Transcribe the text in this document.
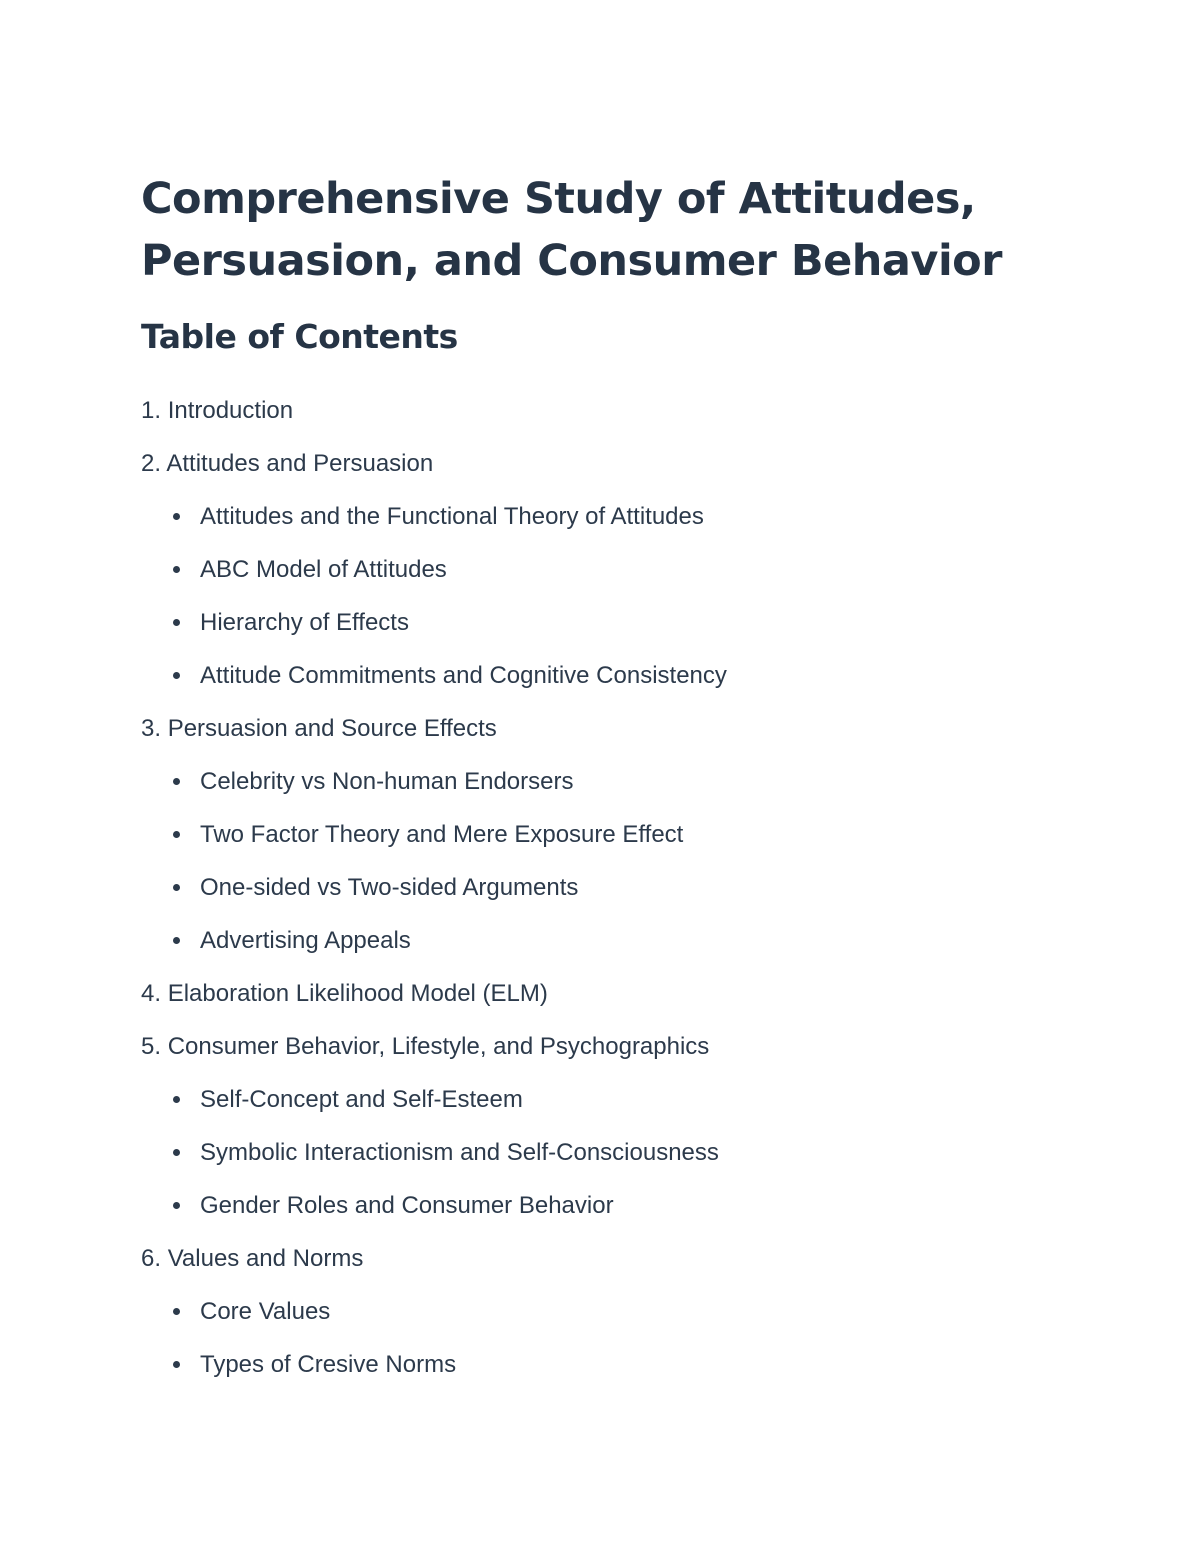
Comprehensive Study of Attitudes, Persuasion, and Consumer Behavior
Table of Contents
1. Introduction
2. Attitudes and Persuasion
Attitudes and the Functional Theory of Attitudes
ABC Model of Attitudes
Hierarchy of Effects
Attitude Commitments and Cognitive Consistency
3. Persuasion and Source Effects
Celebrity vs Non-human Endorsers
Two Factor Theory and Mere Exposure Effect
One-sided vs Two-sided Arguments
Advertising Appeals
4. Elaboration Likelihood Model (ELM)
5. Consumer Behavior, Lifestyle, and Psychographics
Self-Concept and Self-Esteem
Symbolic Interactionism and Self-Consciousness
Gender Roles and Consumer Behavior
6. Values and Norms
Core Values
Types of Cresive Norms
